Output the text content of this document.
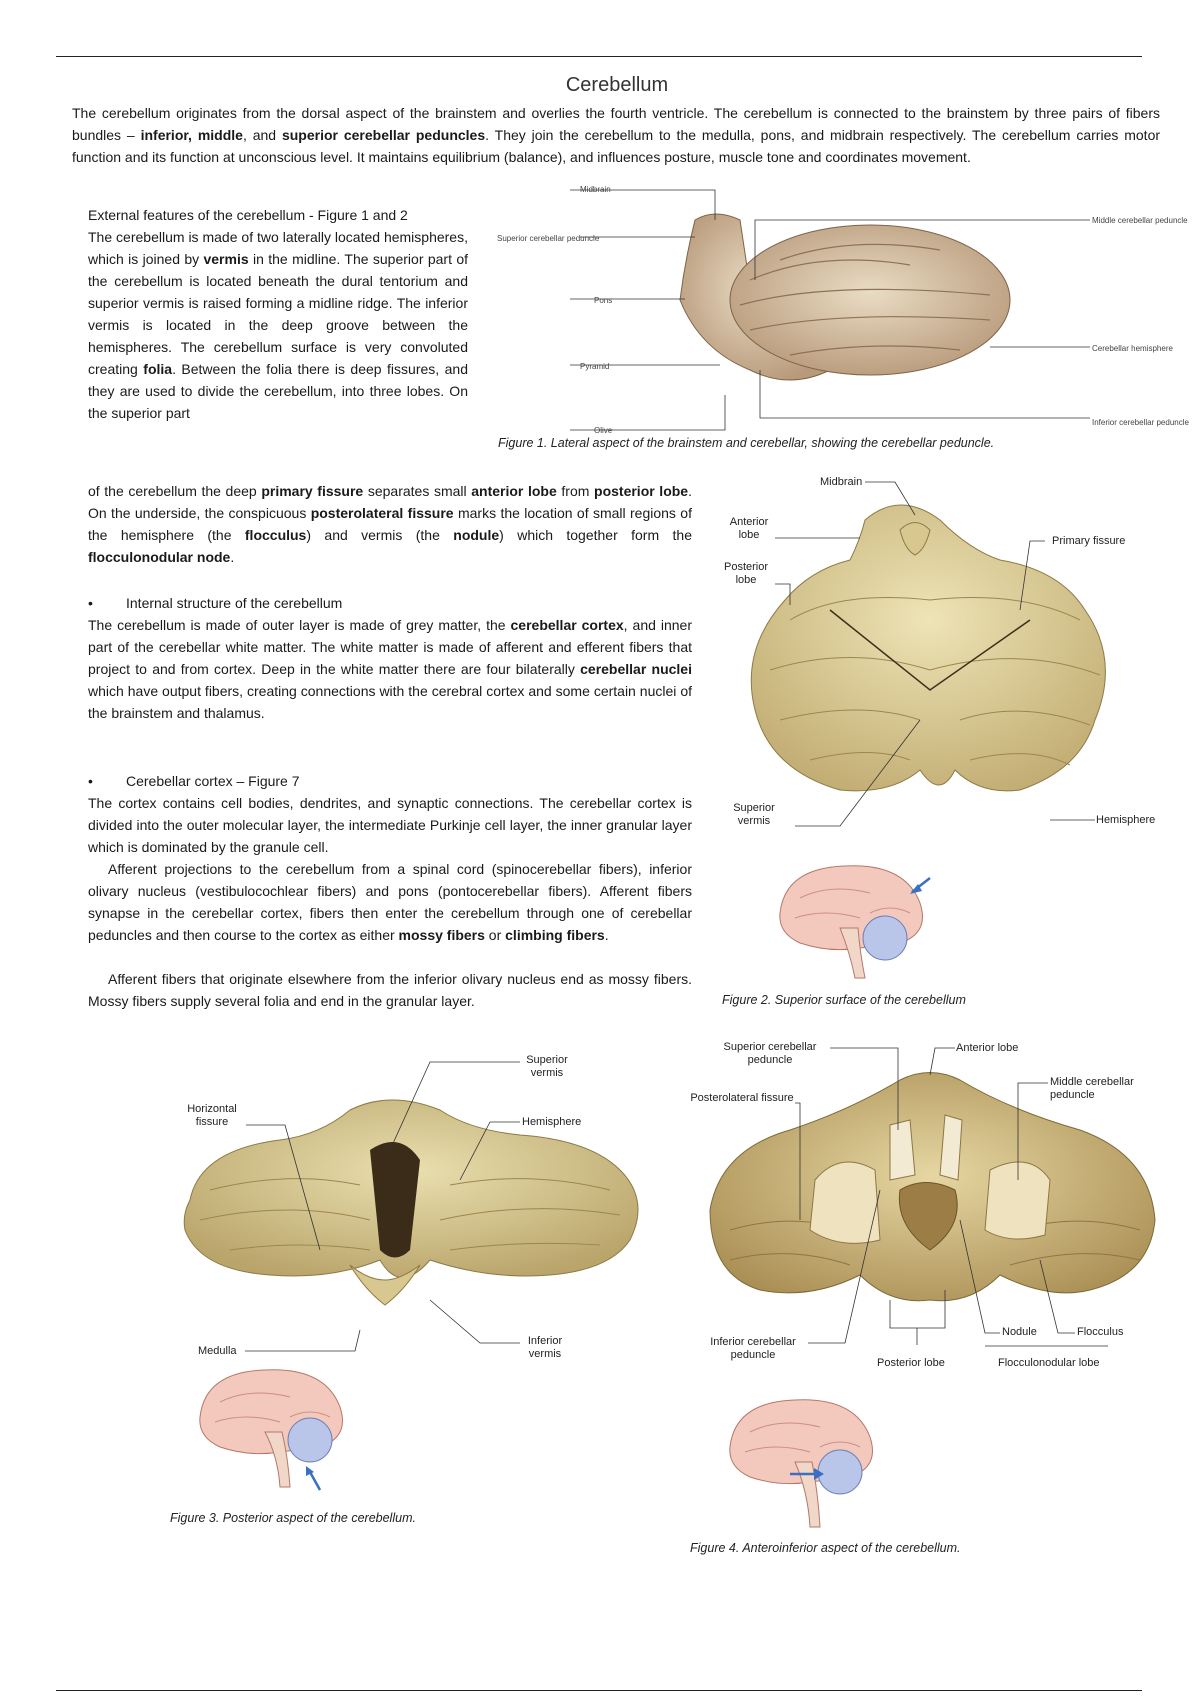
Cerebellum

The cerebellum originates from the dorsal aspect of the brainstem and overlies the fourth ventricle. The cerebellum is connected to the brainstem by three pairs of fibers bundles – inferior, middle, and superior cerebellar peduncles. They join the cerebellum to the medulla, pons, and midbrain respectively. The cerebellum carries motor function and its function at unconscious level. It maintains equilibrium (balance), and influences posture, muscle tone and coordinates movement.

External features of the cerebellum - Figure 1 and 2

The cerebellum is made of two laterally located hemispheres, which is joined by vermis in the midline. The superior part of the cerebellum is located beneath the dural tentorium and superior vermis is raised forming a midline ridge. The inferior vermis is located in the deep groove between the hemispheres. The cerebellum surface is very convoluted creating folia. Between the folia there is deep fissures, and they are used to divide the cerebellum, into three lobes. On the superior part

of the cerebellum the deep primary fissure separates small anterior lobe from posterior lobe. On the underside, the conspicuous posterolateral fissure marks the location of small regions of the hemisphere (the flocculus) and vermis (the nodule) which together form the flocculonodular node.

• Internal structure of the cerebellum

The cerebellum is made of outer layer is made of grey matter, the cerebellar cortex, and inner part of the cerebellar white matter. The white matter is made of afferent and efferent fibers that project to and from cortex. Deep in the white matter there are four bilaterally cerebellar nuclei which have output fibers, creating connections with the cerebral cortex and some certain nuclei of the brainstem and thalamus.

• Cerebellar cortex – Figure 7

The cortex contains cell bodies, dendrites, and synaptic connections. The cerebellar cortex is divided into the outer molecular layer, the intermediate Purkinje cell layer, the inner granular layer which is dominated by the granule cell.

Afferent projections to the cerebellum from a spinal cord (spinocerebellar fibers), inferior olivary nucleus (vestibulocochlear fibers) and pons (pontocerebellar fibers). Afferent fibers synapse in the cerebellar cortex, fibers then enter the cerebellum through one of cerebellar peduncles and then course to the cortex as either mossy fibers or climbing fibers.

Afferent fibers that originate elsewhere from the inferior olivary nucleus end as mossy fibers. Mossy fibers supply several folia and end in the granular layer.

Midbrain
Superior cerebellar peduncle
Pons
Pyramid
Olive
Middle cerebellar peduncle
Cerebellar hemisphere
Inferior cerebellar peduncle
Figure 1. Lateral aspect of the brainstem and cerebellar, showing the cerebellar peduncle.
Midbrain
Anterior lobe
Posterior lobe
Primary fissure
Superior vermis	Hemisphere
Figure 2. Superior surface of the cerebellum
Superior vermis
Hemisphere
Horizontal fissure
Medulla
Inferior vermis
Figure 3. Posterior aspect of the cerebellum.
Superior cerebellar peduncle
Anterior lobe
Posterolateral fissure
Middle cerebellar peduncle
Inferior cerebellar peduncle
Posterior lobe
Nodule	Flocculus
Flocculonodular lobe
Figure 4. Anteroinferior aspect of the cerebellum.
